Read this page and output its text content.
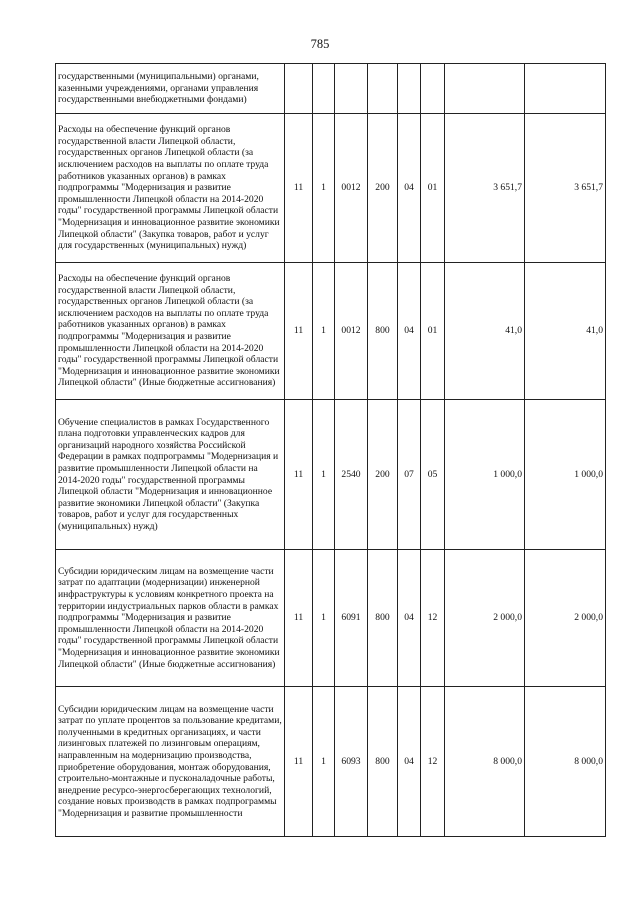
785
государственными (муниципальными) органами, казенными учреждениями, органами управления государственными внебюджетными фондами)								
Расходы на обеспечение функций органов государственной власти Липецкой области, государственных органов Липецкой области (за исключением расходов на выплаты по оплате труда работников указанных органов) в рамках подпрограммы "Модернизация и развитие промышленности Липецкой области на 2014-2020 годы" государственной программы Липецкой области "Модернизация и инновационное развитие экономики Липецкой области" (Закупка товаров, работ и услуг для государственных (муниципальных) нужд)	11	1	0012	200	04	01	3 651,7	3 651,7
Расходы на обеспечение функций органов государственной власти Липецкой области, государственных органов Липецкой области (за исключением расходов на выплаты по оплате труда работников указанных органов) в рамках подпрограммы "Модернизация и развитие промышленности Липецкой области на 2014-2020 годы" государственной программы Липецкой области "Модернизация и инновационное развитие экономики Липецкой области" (Иные бюджетные ассигнования)	11	1	0012	800	04	01	41,0	41,0
Обучение специалистов в рамках Государственного плана подготовки управленческих кадров для организаций народного хозяйства Российской Федерации в рамках подпрограммы "Модернизация и развитие промышленности Липецкой области на 2014-2020 годы" государственной программы Липецкой области "Модернизация и инновационное развитие экономики Липецкой области" (Закупка товаров, работ и услуг для государственных (муниципальных) нужд)	11	1	2540	200	07	05	1 000,0	1 000,0
Субсидии юридическим лицам на возмещение части затрат по адаптации (модернизации) инженерной инфраструктуры к условиям конкретного проекта на территории индустриальных парков области в рамках подпрограммы "Модернизация и развитие промышленности Липецкой области на 2014-2020 годы" государственной программы Липецкой области "Модернизация и инновационное развитие экономики Липецкой области" (Иные бюджетные ассигнования)	11	1	6091	800	04	12	2 000,0	2 000,0
Субсидии юридическим лицам на возмещение части затрат по уплате процентов за пользование кредитами, полученными в кредитных организациях, и части лизинговых платежей по лизинговым операциям, направленным на модернизацию производства, приобретение оборудования, монтаж оборудования, строительно-монтажные и пусконаладочные работы, внедрение ресурсо-энергосберегающих технологий, создание новых производств в рамках подпрограммы "Модернизация и развитие промышленности	11	1	6093	800	04	12	8 000,0	8 000,0
